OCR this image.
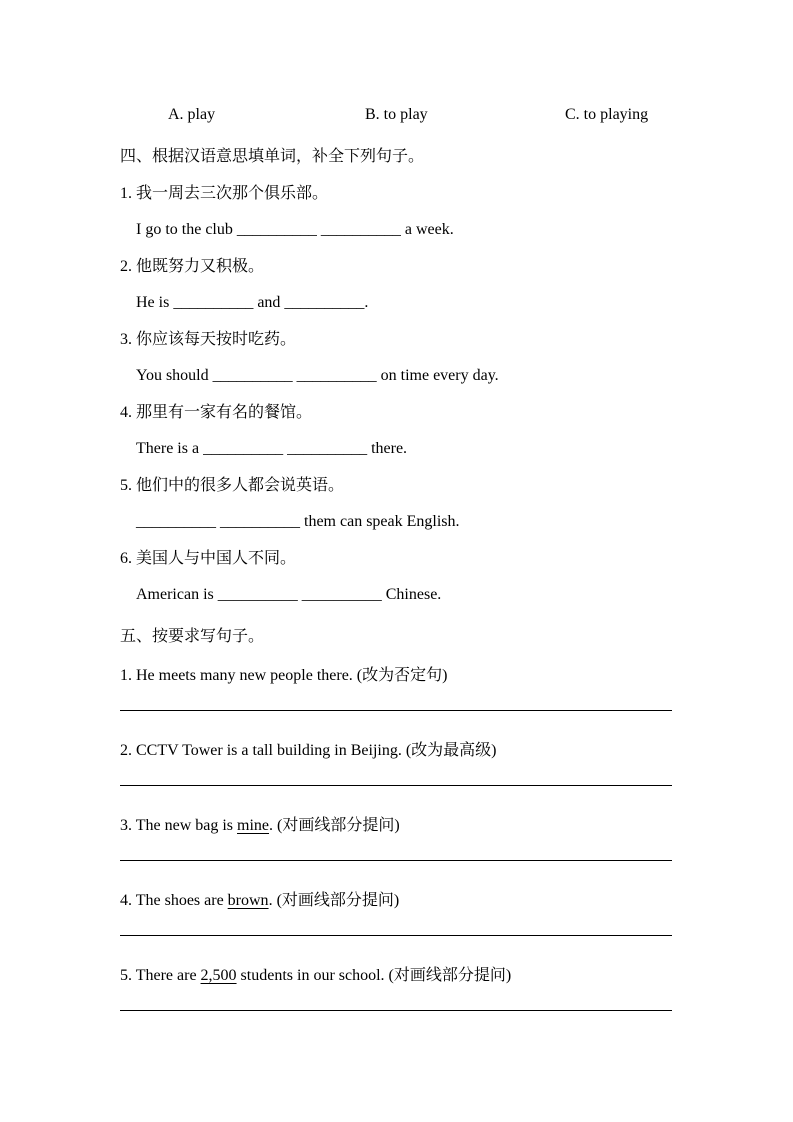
A. play	B. to play	C. to playing
四、根据汉语意思填单词，补全下列句子。
1. 我一周去三次那个俱乐部。
I go to the club __________ __________ a week.
2. 他既努力又积极。
He is __________ and __________.
3. 你应该每天按时吃药。
You should __________ __________ on time every day.
4. 那里有一家有名的餐馆。
There is a __________ __________ there.
5. 他们中的很多人都会说英语。
__________ __________ them can speak English.
6. 美国人与中国人不同。
American is __________ __________ Chinese.
五、按要求写句子。
1. He meets many new people there. (改为否定句)
2. CCTV Tower is a tall building in Beijing. (改为最高级)
3. The new bag is mine. (对画线部分提问)
4. The shoes are brown. (对画线部分提问)
5. There are 2,500 students in our school. (对画线部分提问)
